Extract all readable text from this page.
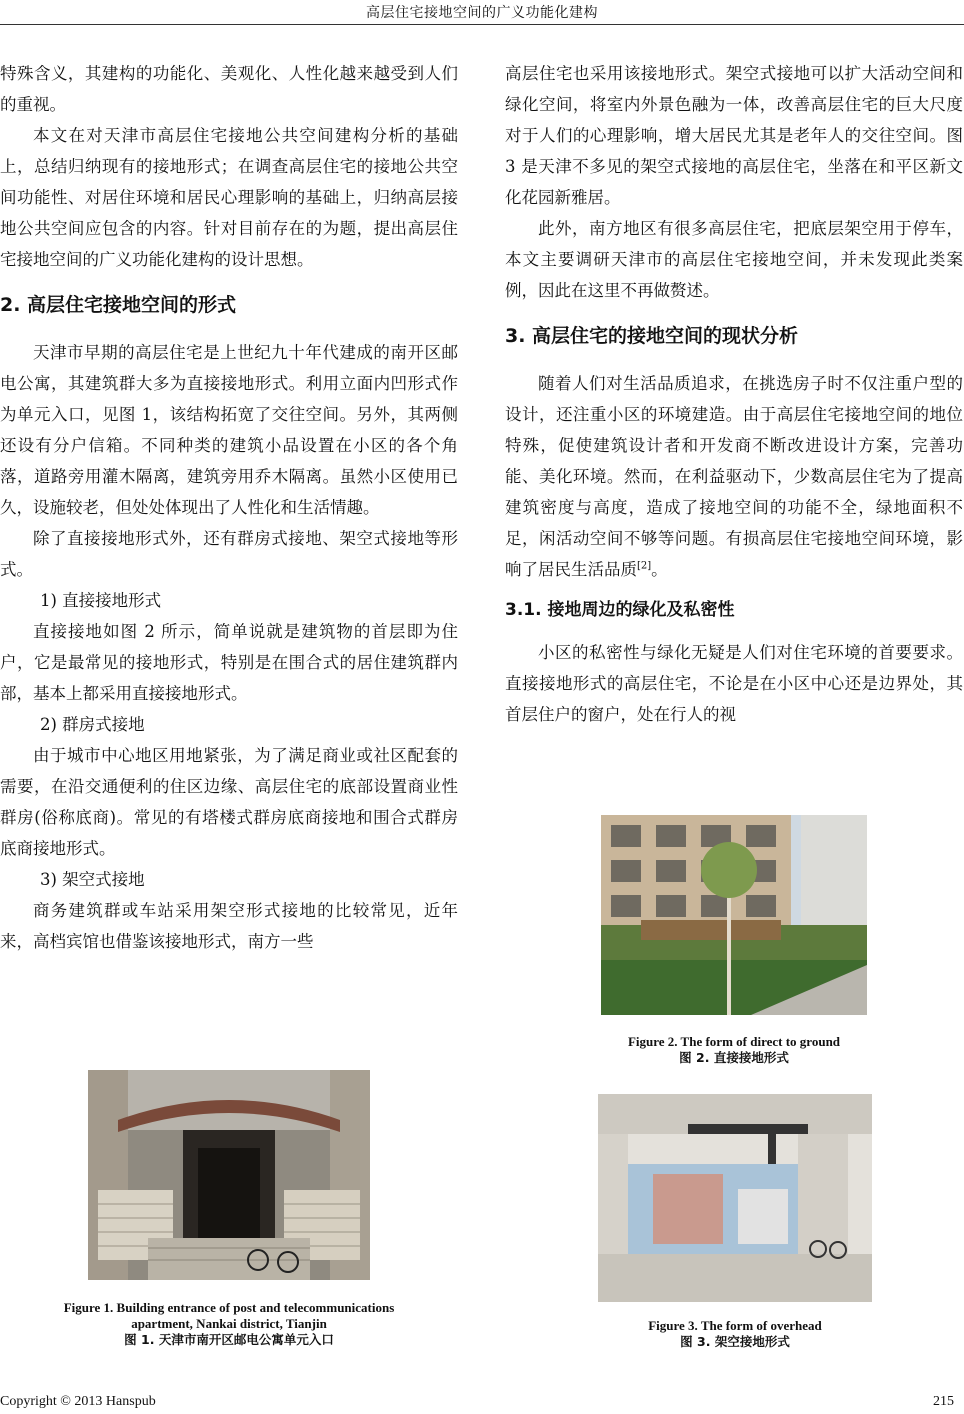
高层住宅接地空间的广义功能化建构

特殊含义，其建构的功能化、美观化、人性化越来越受到人们的重视。

本文在对天津市高层住宅接地公共空间建构分析的基础上，总结归纳现有的接地形式；在调查高层住宅的接地公共空间功能性、对居住环境和居民心理影响的基础上，归纳高层接地公共空间应包含的内容。针对目前存在的为题，提出高层住宅接地空间的广义功能化建构的设计思想。

2. 高层住宅接地空间的形式

天津市早期的高层住宅是上世纪九十年代建成的南开区邮电公寓，其建筑群大多为直接接地形式。利用立面内凹形式作为单元入口，见图 1，该结构拓宽了交往空间。另外，其两侧还设有分户信箱。不同种类的建筑小品设置在小区的各个角落，道路旁用灌木隔离，建筑旁用乔木隔离。虽然小区使用已久，设施较老，但处处体现出了人性化和生活情趣。

除了直接接地形式外，还有群房式接地、架空式接地等形式。

1) 直接接地形式

直接接地如图 2 所示，简单说就是建筑物的首层即为住户，它是最常见的接地形式，特别是在围合式的居住建筑群内部，基本上都采用直接接地形式。

2) 群房式接地

由于城市中心地区用地紧张，为了满足商业或社区配套的需要，在沿交通便利的住区边缘、高层住宅的底部设置商业性群房(俗称底商)。常见的有塔楼式群房底商接地和围合式群房底商接地形式。

3) 架空式接地

商务建筑群或车站采用架空形式接地的比较常见，近年来，高档宾馆也借鉴该接地形式，南方一些

高层住宅也采用该接地形式。架空式接地可以扩大活动空间和绿化空间，将室内外景色融为一体，改善高层住宅的巨大尺度对于人们的心理影响，增大居民尤其是老年人的交往空间。图 3 是天津不多见的架空式接地的高层住宅，坐落在和平区新文化花园新雅居。

此外，南方地区有很多高层住宅，把底层架空用于停车，本文主要调研天津市的高层住宅接地空间，并未发现此类案例，因此在这里不再做赘述。

3. 高层住宅的接地空间的现状分析

随着人们对生活品质追求，在挑选房子时不仅注重户型的设计，还注重小区的环境建造。由于高层住宅接地空间的地位特殊，促使建筑设计者和开发商不断改进设计方案，完善功能、美化环境。然而，在利益驱动下，少数高层住宅为了提高建筑密度与高度，造成了接地空间的功能不全，绿地面积不足，闲活动空间不够等问题。有损高层住宅接地空间环境，影响了居民生活品质[2]。

3.1. 接地周边的绿化及私密性

小区的私密性与绿化无疑是人们对住宅环境的首要要求。直接接地形式的高层住宅，不论是在小区中心还是边界处，其首层住户的窗户，处在行人的视

Figure 1. Building entrance of post and telecommunications
apartment, Nankai district, Tianjin
图 1. 天津市南开区邮电公寓单元入口
Figure 2. The form of direct to ground
图 2. 直接接地形式
Figure 3. The form of overhead
图 3. 架空接地形式
Copyright © 2013 Hanspub	215
